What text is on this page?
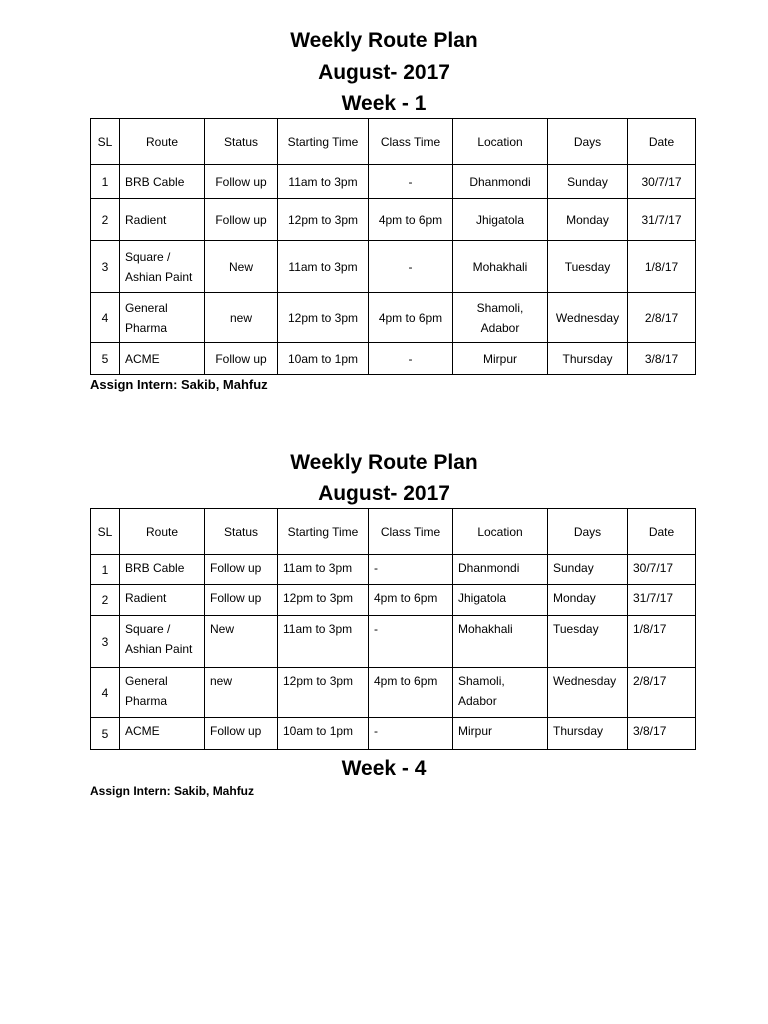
Weekly Route Plan
August- 2017
Week - 1
SL	Route	Status	Starting Time	Class Time	Location	Days	Date
1	BRB Cable	Follow up	11am to 3pm	-	Dhanmondi	Sunday	30/7/17
2	Radient	Follow up	12pm to 3pm	4pm to 6pm	Jhigatola	Monday	31/7/17
3	Square / Ashian Paint	New	11am to 3pm	-	Mohakhali	Tuesday	1/8/17
4	General Pharma	new	12pm to 3pm	4pm to 6pm	Shamoli, Adabor	Wednesday	2/8/17
5	ACME	Follow up	10am to 1pm	-	Mirpur	Thursday	3/8/17
Assign Intern: Sakib, Mahfuz
Weekly Route Plan
August- 2017
SL	Route	Status	Starting Time	Class Time	Location	Days	Date
1	BRB Cable	Follow up	11am to 3pm	-	Dhanmondi	Sunday	30/7/17
2	Radient	Follow up	12pm to 3pm	4pm to 6pm	Jhigatola	Monday	31/7/17
3	Square / Ashian Paint	New	11am to 3pm	-	Mohakhali	Tuesday	1/8/17
4	General Pharma	new	12pm to 3pm	4pm to 6pm	Shamoli, Adabor	Wednesday	2/8/17
5	ACME	Follow up	10am to 1pm	-	Mirpur	Thursday	3/8/17
Week - 4
Assign Intern: Sakib, Mahfuz
